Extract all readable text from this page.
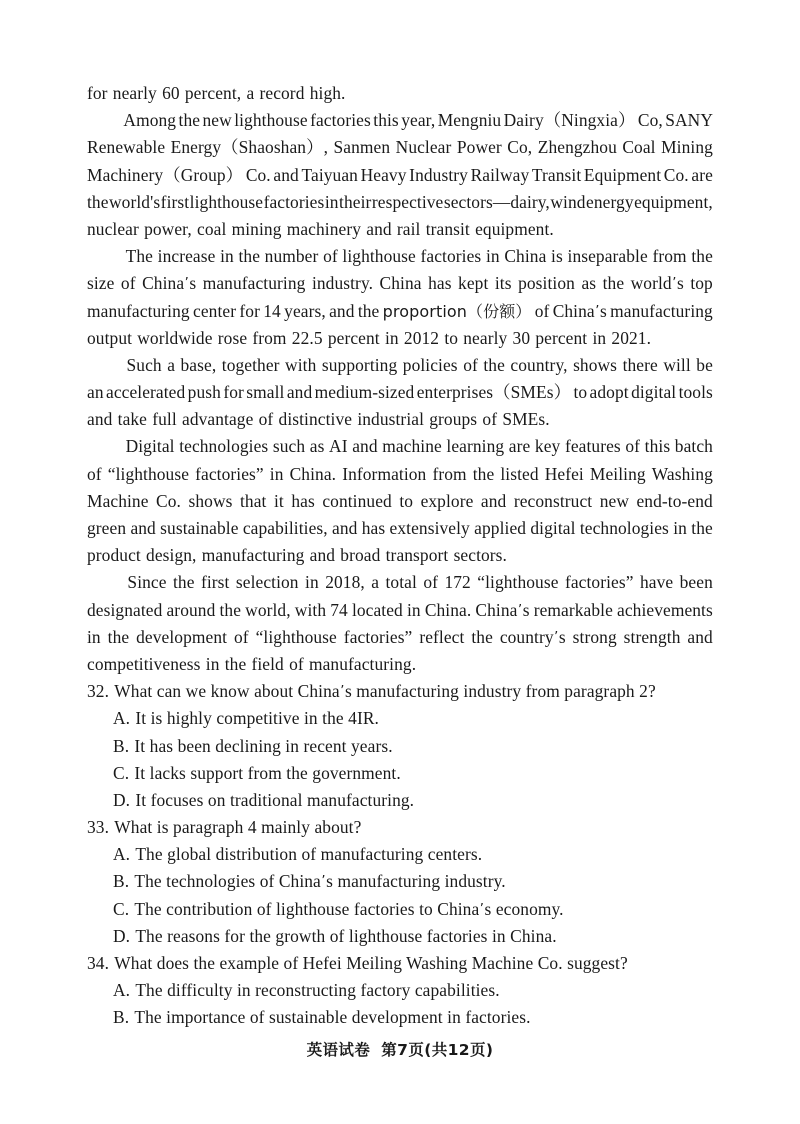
for nearly 60 percent, a record high.
Among the new lighthouse factories this year, Mengniu Dairy（Ningxia） Co, SANY
Renewable Energy（Shaoshan）, Sanmen Nuclear Power Co, Zhengzhou Coal Mining
Machinery（Group） Co. and Taiyuan Heavy Industry Railway Transit Equipment Co. are
the world's first lighthouse factories in their respective sectors—dairy, wind energy equipment,
nuclear power, coal mining machinery and rail transit equipment.
The increase in the number of lighthouse factories in China is inseparable from the
size of China’s manufacturing industry. China has kept its position as the world’s top
manufacturing center for 14 years, and the proportion（份额） of China’s manufacturing
output worldwide rose from 22.5 percent in 2012 to nearly 30 percent in 2021.
Such a base, together with supporting policies of the country, shows there will be
an accelerated push for small and medium-sized enterprises（SMEs） to adopt digital tools
and take full advantage of distinctive industrial groups of SMEs.
Digital technologies such as AI and machine learning are key features of this batch
of “lighthouse factories” in China. Information from the listed Hefei Meiling Washing
Machine Co. shows that it has continued to explore and reconstruct new end-to-end
green and sustainable capabilities, and has extensively applied digital technologies in the
product design, manufacturing and broad transport sectors.
Since the first selection in 2018, a total of 172 “lighthouse factories” have been
designated around the world, with 74 located in China. China’s remarkable achievements
in the development of “lighthouse factories” reflect the country’s strong strength and
competitiveness in the field of manufacturing.
32. What can we know about China ’ s manufacturing industry from paragraph 2?
A. It is highly competitive in the 4IR.
B. It has been declining in recent years.
C. It lacks support from the government.
D. It focuses on traditional manufacturing.
33. What is paragraph 4 mainly about?
A. The global distribution of manufacturing centers.
B. The technologies of China ’ s manufacturing industry.
C. The contribution of lighthouse factories to China ’ s economy.
D. The reasons for the growth of lighthouse factories in China.
34. What does the example of Hefei Meiling Washing Machine Co. suggest?
A. The difficulty in reconstructing factory capabilities.
B. The importance of sustainable development in factories.
英语试卷 第7页(共12页)
